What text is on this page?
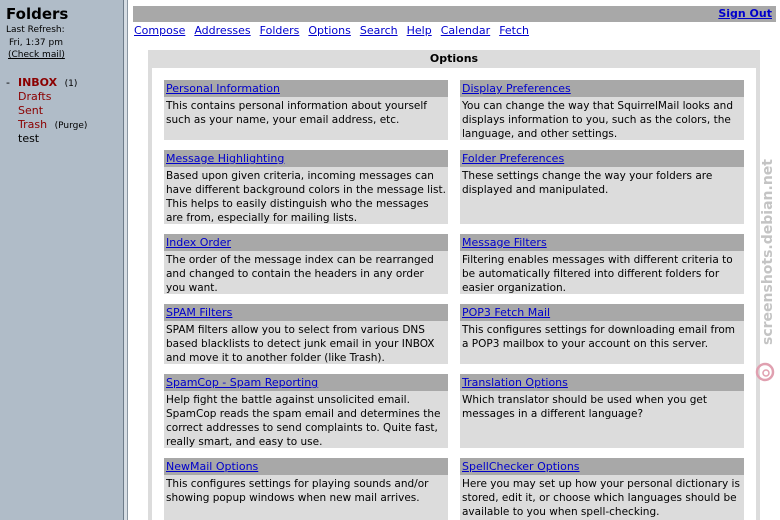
Folders
Last Refresh:
Fri, 1:37 pm
(Check mail)
- INBOX (1)
Drafts
Sent
Trash (Purge)
test
Sign Out
Compose Addresses Folders Options Search Help Calendar Fetch
Options
Personal Information
This contains personal information about yourself such as your name, your email address, etc.
Display Preferences
You can change the way that SquirrelMail looks and displays information to you, such as the colors, the language, and other settings.
Message Highlighting
Based upon given criteria, incoming messages can have different background colors in the message list. This helps to easily distinguish who the messages are from, especially for mailing lists.
Folder Preferences
These settings change the way your folders are displayed and manipulated.
Index Order
The order of the message index can be rearranged and changed to contain the headers in any order you want.
Message Filters
Filtering enables messages with different criteria to be automatically filtered into different folders for easier organization.
SPAM Filters
SPAM filters allow you to select from various DNS based blacklists to detect junk email in your INBOX and move it to another folder (like Trash).
POP3 Fetch Mail
This configures settings for downloading email from a POP3 mailbox to your account on this server.
SpamCop - Spam Reporting
Help fight the battle against unsolicited email. SpamCop reads the spam email and determines the correct addresses to send complaints to. Quite fast, really smart, and easy to use.
Translation Options
Which translator should be used when you get messages in a different language?
NewMail Options
This configures settings for playing sounds and/or showing popup windows when new mail arrives.
SpellChecker Options
Here you may set up how your personal dictionary is stored, edit it, or choose which languages should be available to you when spell-checking.
screenshots.debian.net
